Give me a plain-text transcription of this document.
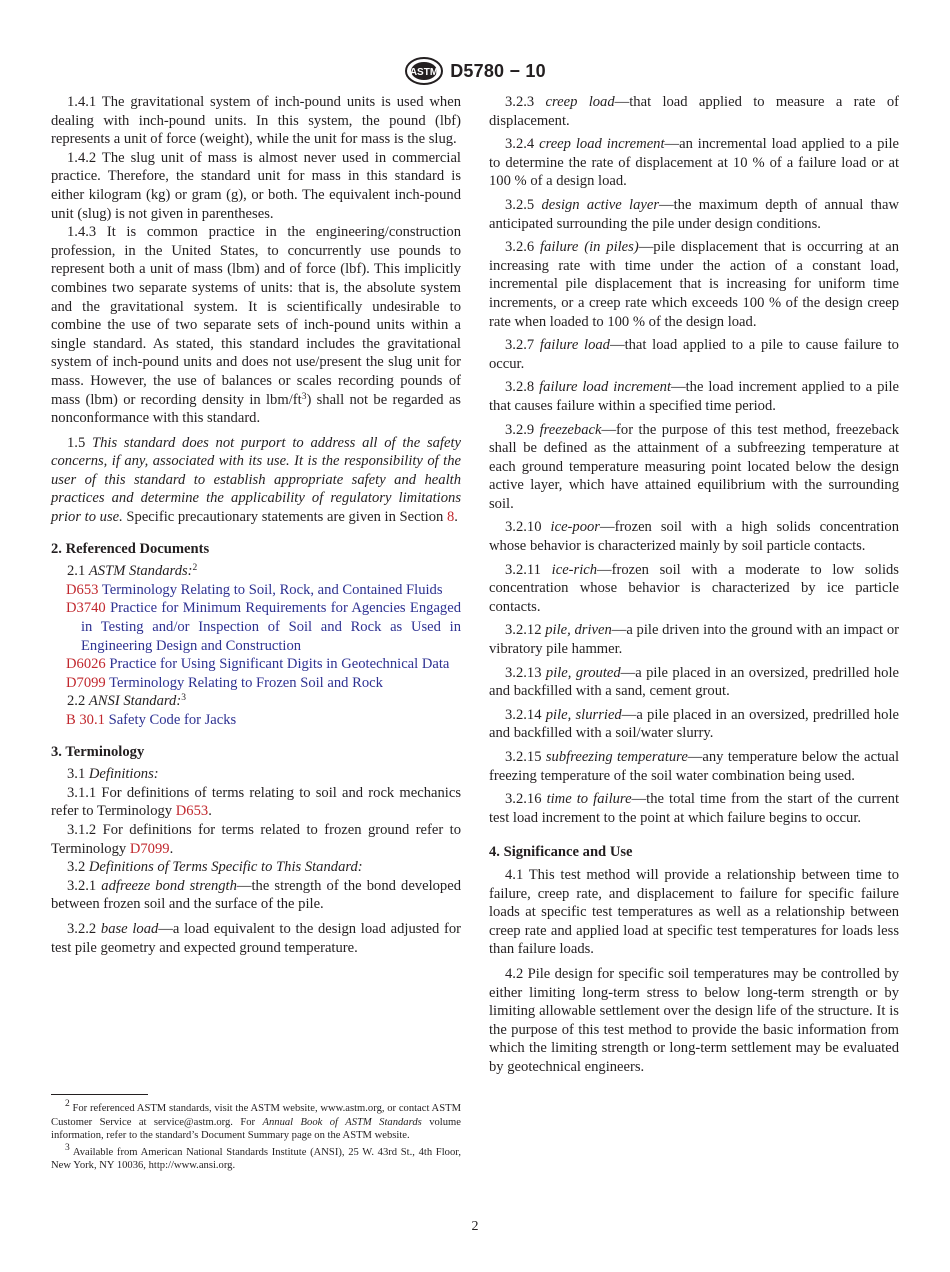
ASTM D5780 − 10

1.4.1 The gravitational system of inch-pound units is used when dealing with inch-pound units. In this system, the pound (lbf) represents a unit of force (weight), while the unit for mass is the slug.

1.4.2 The slug unit of mass is almost never used in commercial practice. Therefore, the standard unit for mass in this standard is either kilogram (kg) or gram (g), or both. The equivalent inch-pound unit (slug) is not given in parentheses.

1.4.3 It is common practice in the engineering/construction profession, in the United States, to concurrently use pounds to represent both a unit of mass (lbm) and of force (lbf). This implicitly combines two separate systems of units: that is, the absolute system and the gravitational system. It is scientifically undesirable to combine the use of two separate sets of inch-pound units within a single standard. As stated, this standard includes the gravitational system of inch-pound units and does not use/present the slug unit for mass. However, the use of balances or scales recording pounds of mass (lbm) or recording density in lbm/$ft^3$) shall not be regarded as nonconformance with this standard.

1.5 This standard does not purport to address all of the safety concerns, if any, associated with its use. It is the responsibility of the user of this standard to establish appropriate safety and health practices and determine the applicability of regulatory limitations prior to use. Specific precautionary statements are given in Section 8.

2. Referenced Documents

2.1 ASTM Standards:$^2$

D653 Terminology Relating to Soil, Rock, and Contained Fluids

D3740 Practice for Minimum Requirements for Agencies Engaged in Testing and/or Inspection of Soil and Rock as Used in Engineering Design and Construction

D6026 Practice for Using Significant Digits in Geotechnical Data

D7099 Terminology Relating to Frozen Soil and Rock

2.2 ANSI Standard:$^3$

B 30.1 Safety Code for Jacks

3. Terminology

3.1 Definitions:

3.1.1 For definitions of terms relating to soil and rock mechanics refer to Terminology D653.

3.1.2 For definitions for terms related to frozen ground refer to Terminology D7099.

3.2 Definitions of Terms Specific to This Standard:

3.2.1 adfreeze bond strength—the strength of the bond developed between frozen soil and the surface of the pile.

3.2.2 base load—a load equivalent to the design load adjusted for test pile geometry and expected ground temperature.

3.2.3 creep load—that load applied to measure a rate of displacement.

3.2.4 creep load increment—an incremental load applied to a pile to determine the rate of displacement at 10 % of a failure load or at 100 % of a design load.

3.2.5 design active layer—the maximum depth of annual thaw anticipated surrounding the pile under design conditions.

3.2.6 failure (in piles)—pile displacement that is occurring at an increasing rate with time under the action of a constant load, incremental pile displacement that is increasing for uniform time increments, or a creep rate which exceeds 100 % of the design creep rate when loaded to 100 % of the design load.

3.2.7 failure load—that load applied to a pile to cause failure to occur.

3.2.8 failure load increment—the load increment applied to a pile that causes failure within a specified time period.

3.2.9 freezeback—for the purpose of this test method, freezeback shall be defined as the attainment of a subfreezing temperature at each ground temperature measuring point located below the design active layer, which have attained equilibrium with the surrounding soil.

3.2.10 ice-poor—frozen soil with a high solids concentration whose behavior is characterized mainly by soil particle contacts.

3.2.11 ice-rich—frozen soil with a moderate to low solids concentration whose behavior is characterized by ice particle contacts.

3.2.12 pile, driven—a pile driven into the ground with an impact or vibratory pile hammer.

3.2.13 pile, grouted—a pile placed in an oversized, predrilled hole and backfilled with a sand, cement grout.

3.2.14 pile, slurried—a pile placed in an oversized, predrilled hole and backfilled with a soil/water slurry.

3.2.15 subfreezing temperature—any temperature below the actual freezing temperature of the soil water combination being used.

3.2.16 time to failure—the total time from the start of the current test load increment to the point at which failure begins to occur.

4. Significance and Use

4.1 This test method will provide a relationship between time to failure, creep rate, and displacement to failure for specific failure loads at specific test temperatures as well as a relationship between creep rate and applied load at specific test temperatures for loads less than failure loads.

4.2 Pile design for specific soil temperatures may be controlled by either limiting long-term stress to below long-term strength or by limiting allowable settlement over the design life of the structure. It is the purpose of this test method to provide the basic information from which the limiting strength or long-term settlement may be evaluated by geotechnical engineers.

$^2$ For referenced ASTM standards, visit the ASTM website, www.astm.org, or contact ASTM Customer Service at service@astm.org. For Annual Book of ASTM Standards volume information, refer to the standard’s Document Summary page on the ASTM website.

$^3$ Available from American National Standards Institute (ANSI), 25 W. 43rd St., 4th Floor, New York, NY 10036, http://www.ansi.org.

2
